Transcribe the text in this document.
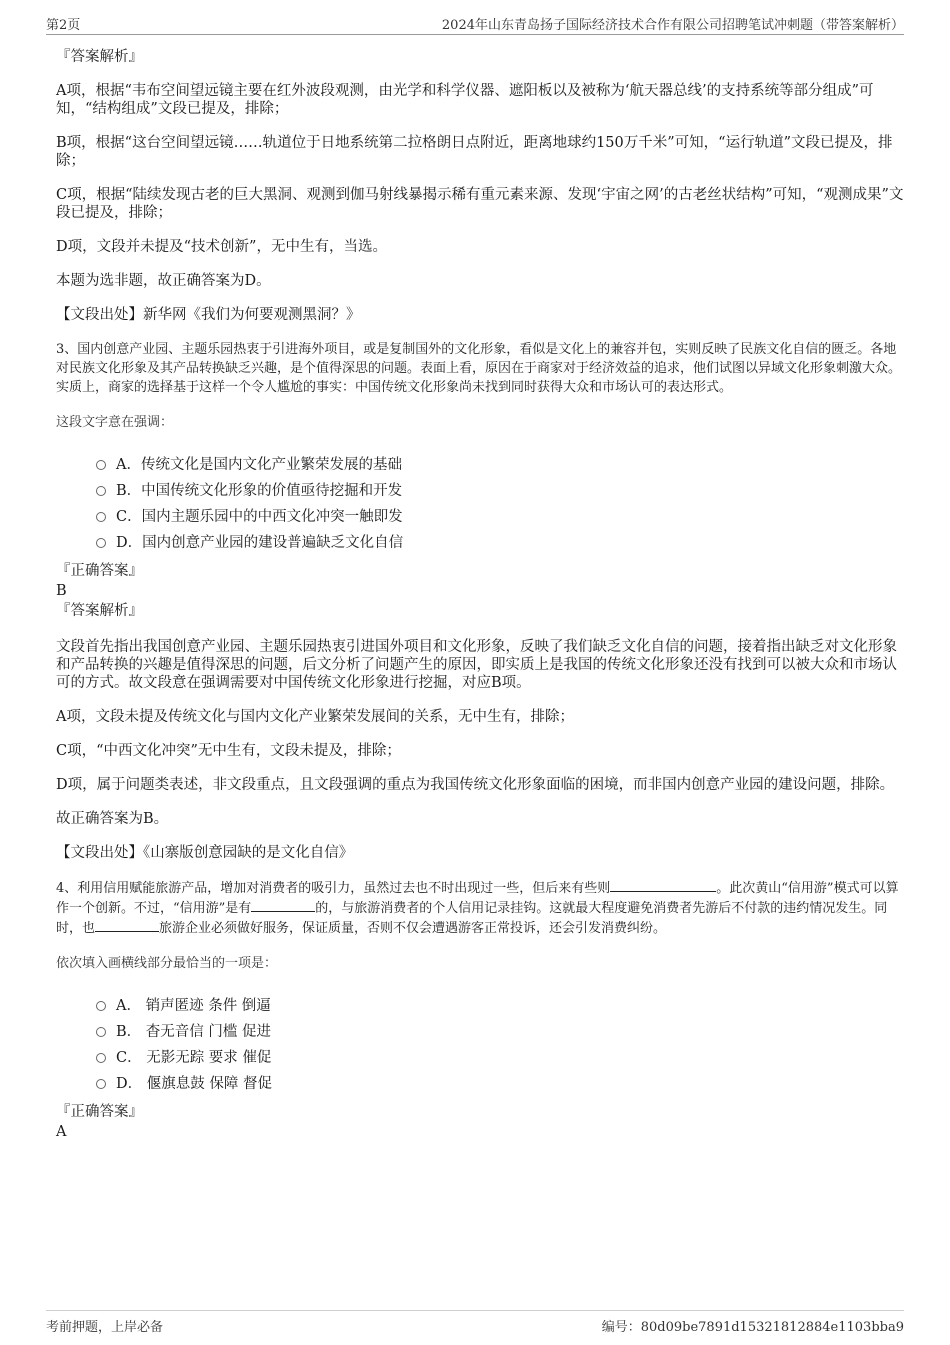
第2页	2024年山东青岛扬子国际经济技术合作有限公司招聘笔试冲刺题（带答案解析）
『答案解析』
A项，根据“韦布空间望远镜主要在红外波段观测，由光学和科学仪器、遮阳板以及被称为‘航天器总线’的支持系统等部分组成”可知，“结构组成”文段已提及，排除；
B项，根据“这台空间望远镜……轨道位于日地系统第二拉格朗日点附近，距离地球约150万千米”可知，“运行轨道”文段已提及，排除；
C项，根据“陆续发现古老的巨大黑洞、观测到伽马射线暴揭示稀有重元素来源、发现‘宇宙之网’的古老丝状结构”可知，“观测成果”文段已提及，排除；
D项，文段并未提及“技术创新”，无中生有，当选。
本题为选非题，故正确答案为D。
【文段出处】新华网《我们为何要观测黑洞？》
3、国内创意产业园、主题乐园热衷于引进海外项目，或是复制国外的文化形象，看似是文化上的兼容并包，实则反映了民族文化自信的匮乏。各地对民族文化形象及其产品转换缺乏兴趣，是个值得深思的问题。表面上看，原因在于商家对于经济效益的追求，他们试图以异域文化形象刺激大众。实质上，商家的选择基于这样一个令人尴尬的事实：中国传统文化形象尚未找到同时获得大众和市场认可的表达形式。
这段文字意在强调：
A．传统文化是国内文化产业繁荣发展的基础
B．中国传统文化形象的价值亟待挖掘和开发
C．国内主题乐园中的中西文化冲突一触即发
D．国内创意产业园的建设普遍缺乏文化自信
『正确答案』
B
『答案解析』
文段首先指出我国创意产业园、主题乐园热衷引进国外项目和文化形象，反映了我们缺乏文化自信的问题，接着指出缺乏对文化形象和产品转换的兴趣是值得深思的问题，后文分析了问题产生的原因，即实质上是我国的传统文化形象还没有找到可以被大众和市场认可的方式。故文段意在强调需要对中国传统文化形象进行挖掘，对应B项。
A项，文段未提及传统文化与国内文化产业繁荣发展间的关系，无中生有，排除；
C项，“中西文化冲突”无中生有，文段未提及，排除；
D项，属于问题类表述，非文段重点，且文段强调的重点为我国传统文化形象面临的困境，而非国内创意产业园的建设问题，排除。
故正确答案为B。
【文段出处】《山寨版创意园缺的是文化自信》
4、利用信用赋能旅游产品，增加对消费者的吸引力，虽然过去也不时出现过一些，但后来有些则	。此次黄山“信用游”模式可以算作一个创新。不过，“信用游”是有	的，与旅游消费者的个人信用记录挂钩。这就最大程度避免消费者先游后不付款的违约情况发生。同时，也	旅游企业必须做好服务，保证质量，否则不仅会遭遇游客正常投诉，还会引发消费纠纷。
依次填入画横线部分最恰当的一项是：
A． 销声匿迹 条件 倒逼
B． 杳无音信 门槛 促进
C． 无影无踪 要求 催促
D． 偃旗息鼓 保障 督促
『正确答案』
A
考前押题，上岸必备	编号：80d09be7891d15321812884e1103bba9
